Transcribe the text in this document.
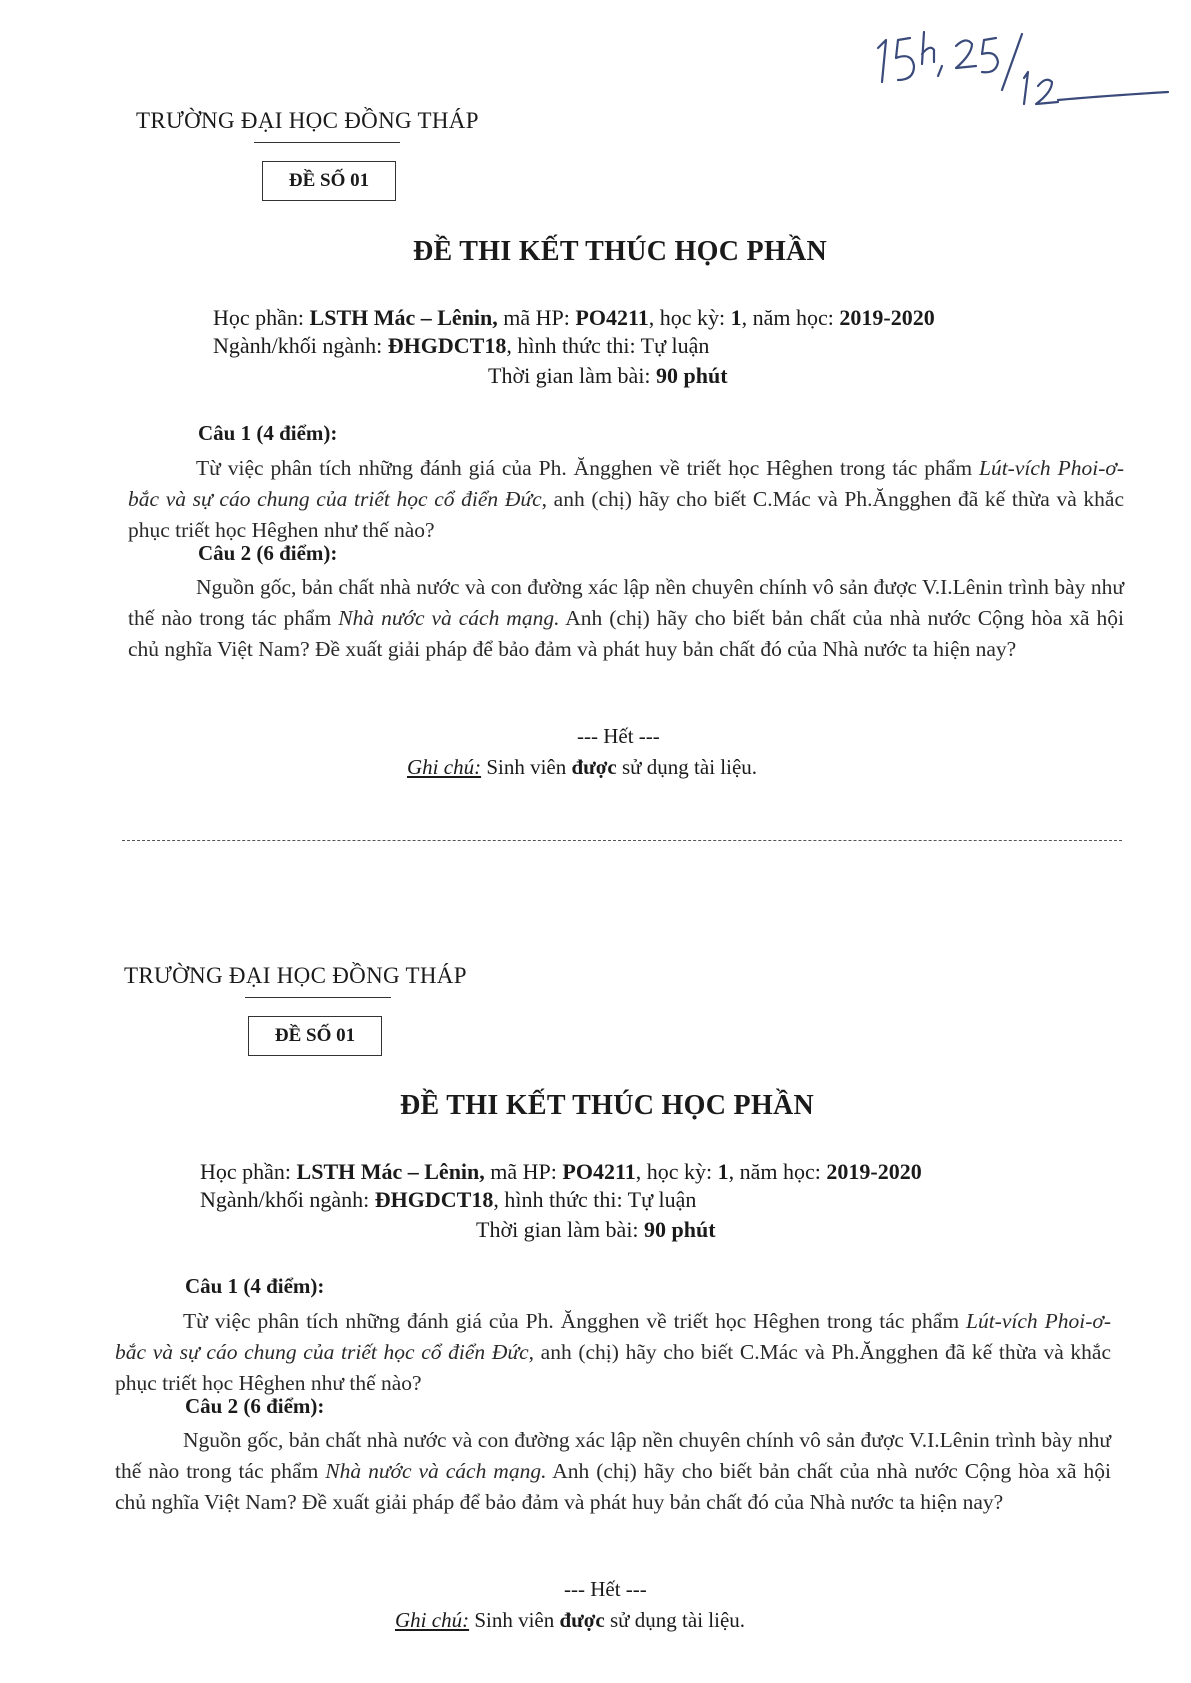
TRƯỜNG ĐẠI HỌC ĐỒNG THÁP
ĐỀ SỐ 01
ĐỀ THI KẾT THÚC HỌC PHẦN
Học phần: LSTH Mác – Lênin, mã HP: PO4211, học kỳ: 1, năm học: 2019-2020
Ngành/khối ngành: ĐHGDCT18, hình thức thi: Tự luận
Thời gian làm bài: 90 phút
Câu 1 (4 điểm):
Từ việc phân tích những đánh giá của Ph. Ăngghen về triết học Hêghen trong tác phẩm Lút-vích Phoi-ơ-bắc và sự cáo chung của triết học cổ điển Đức, anh (chị) hãy cho biết C.Mác và Ph.Ăngghen đã kế thừa và khắc phục triết học Hêghen như thế nào?
Câu 2 (6 điểm):
Nguồn gốc, bản chất nhà nước và con đường xác lập nền chuyên chính vô sản được V.I.Lênin trình bày như thế nào trong tác phẩm Nhà nước và cách mạng. Anh (chị) hãy cho biết bản chất của nhà nước Cộng hòa xã hội chủ nghĩa Việt Nam? Đề xuất giải pháp để bảo đảm và phát huy bản chất đó của Nhà nước ta hiện nay?
--- Hết ---
Ghi chú: Sinh viên được sử dụng tài liệu.
TRƯỜNG ĐẠI HỌC ĐỒNG THÁP
ĐỀ SỐ 01
ĐỀ THI KẾT THÚC HỌC PHẦN
Học phần: LSTH Mác – Lênin, mã HP: PO4211, học kỳ: 1, năm học: 2019-2020
Ngành/khối ngành: ĐHGDCT18, hình thức thi: Tự luận
Thời gian làm bài: 90 phút
Câu 1 (4 điểm):
Từ việc phân tích những đánh giá của Ph. Ăngghen về triết học Hêghen trong tác phẩm Lút-vích Phoi-ơ-bắc và sự cáo chung của triết học cổ điển Đức, anh (chị) hãy cho biết C.Mác và Ph.Ăngghen đã kế thừa và khắc phục triết học Hêghen như thế nào?
Câu 2 (6 điểm):
Nguồn gốc, bản chất nhà nước và con đường xác lập nền chuyên chính vô sản được V.I.Lênin trình bày như thế nào trong tác phẩm Nhà nước và cách mạng. Anh (chị) hãy cho biết bản chất của nhà nước Cộng hòa xã hội chủ nghĩa Việt Nam? Đề xuất giải pháp để bảo đảm và phát huy bản chất đó của Nhà nước ta hiện nay?
--- Hết ---
Ghi chú: Sinh viên được sử dụng tài liệu.
